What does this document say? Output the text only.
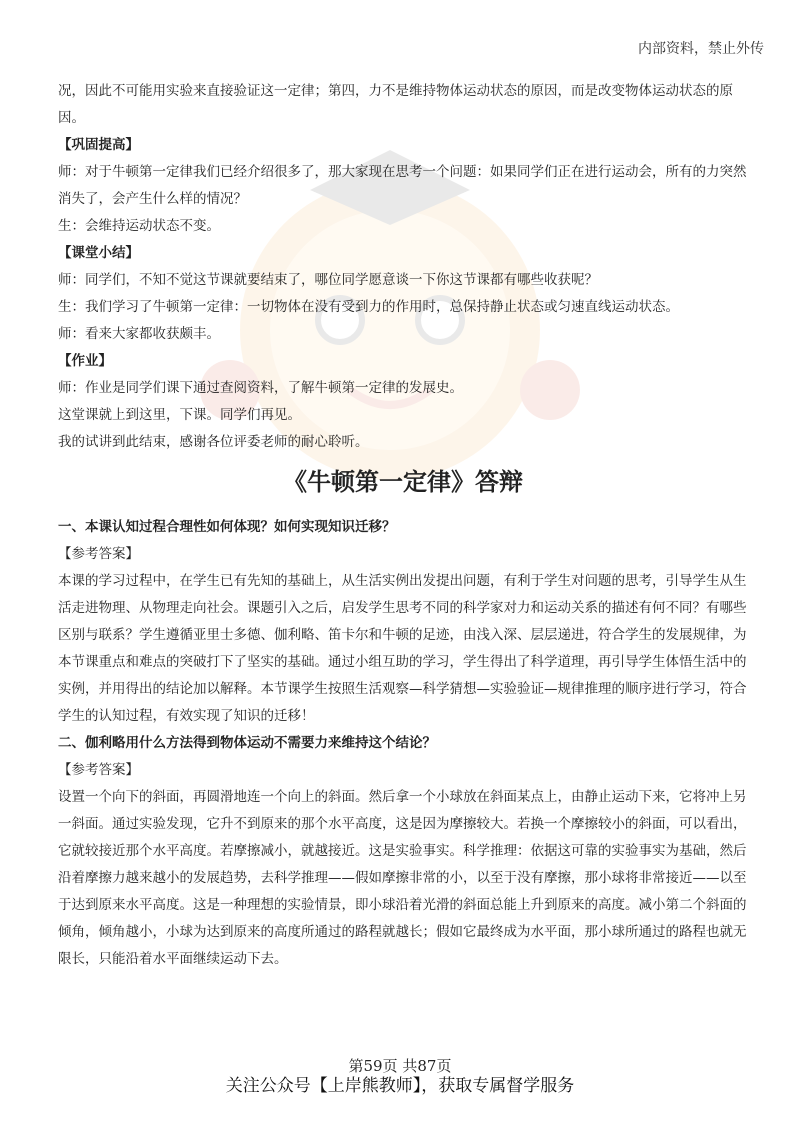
内部资料，禁止外传

况，因此不可能用实验来直接验证这一定律；第四，力不是维持物体运动状态的原因，而是改变物体运动状态的原因。

【巩固提高】

师：对于牛顿第一定律我们已经介绍很多了，那大家现在思考一个问题：如果同学们正在进行运动会，所有的力突然消失了，会产生什么样的情况？

生：会维持运动状态不变。

【课堂小结】

师：同学们，不知不觉这节课就要结束了，哪位同学愿意谈一下你这节课都有哪些收获呢？

生：我们学习了牛顿第一定律：一切物体在没有受到力的作用时，总保持静止状态或匀速直线运动状态。

师：看来大家都收获颇丰。

【作业】

师：作业是同学们课下通过查阅资料，了解牛顿第一定律的发展史。

这堂课就上到这里，下课。同学们再见。

我的试讲到此结束，感谢各位评委老师的耐心聆听。

《牛顿第一定律》答辩

一、本课认知过程合理性如何体现？如何实现知识迁移？

【参考答案】

本课的学习过程中，在学生已有先知的基础上，从生活实例出发提出问题，有利于学生对问题的思考，引导学生从生活走进物理、从物理走向社会。课题引入之后，启发学生思考不同的科学家对力和运动关系的描述有何不同？有哪些区别与联系？学生遵循亚里士多德、伽利略、笛卡尔和牛顿的足迹，由浅入深、层层递进，符合学生的发展规律，为本节课重点和难点的突破打下了坚实的基础。通过小组互助的学习，学生得出了科学道理，再引导学生体悟生活中的实例，并用得出的结论加以解释。本节课学生按照生活观察—科学猜想—实验验证—规律推理的顺序进行学习，符合学生的认知过程，有效实现了知识的迁移！

二、伽利略用什么方法得到物体运动不需要力来维持这个结论？

【参考答案】

设置一个向下的斜面，再圆滑地连一个向上的斜面。然后拿一个小球放在斜面某点上，由静止运动下来，它将冲上另一斜面。通过实验发现，它升不到原来的那个水平高度，这是因为摩擦较大。若换一个摩擦较小的斜面，可以看出，它就较接近那个水平高度。若摩擦减小，就越接近。这是实验事实。科学推理：依据这可靠的实验事实为基础，然后沿着摩擦力越来越小的发展趋势，去科学推理——假如摩擦非常的小，以至于没有摩擦，那小球将非常接近——以至于达到原来水平高度。这是一种理想的实验情景，即小球沿着光滑的斜面总能上升到原来的高度。减小第二个斜面的倾角，倾角越小，小球为达到原来的高度所通过的路程就越长；假如它最终成为水平面，那小球所通过的路程也就无限长，只能沿着水平面继续运动下去。

第59页 共87页
关注公众号【上岸熊教师】，获取专属督学服务
